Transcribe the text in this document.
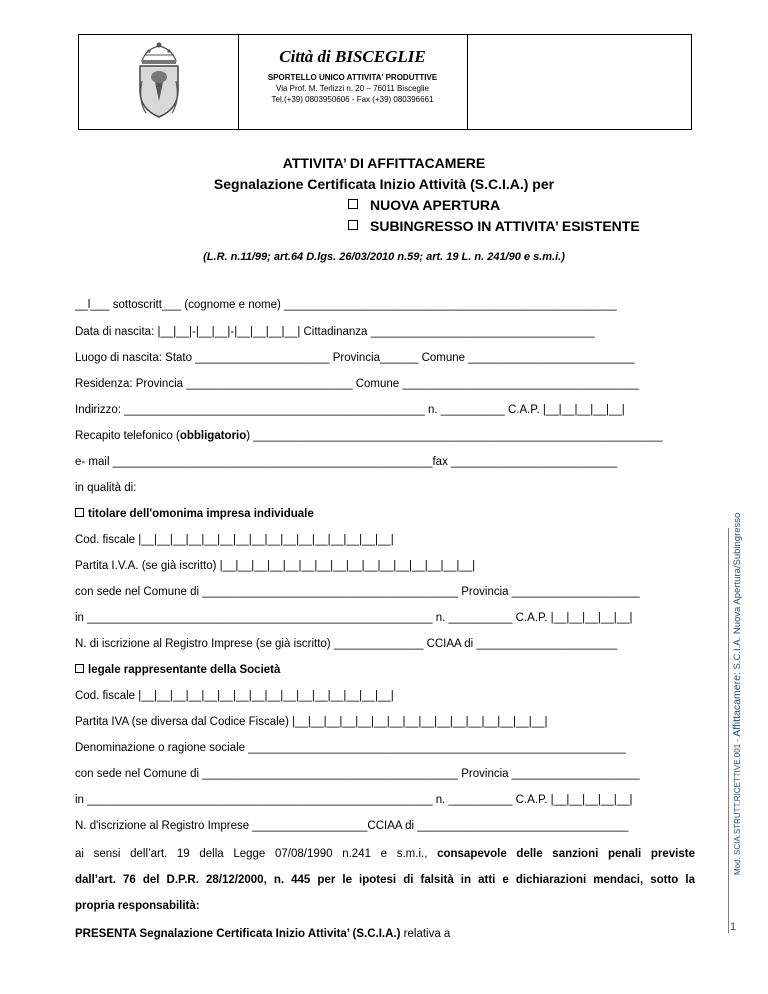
Città di BISCEGLIE
SPORTELLO UNICO ATTIVITA' PRODUTTIVE
Via Prof. M. Terlizzi n. 20 – 76011 Bisceglie
Tel.(+39) 0803950606 - Fax (+39) 080396661
ATTIVITA’ DI AFFITTACAMERE
Segnalazione Certificata Inizio Attività (S.C.I.A.) per
NUOVA APERTURA
SUBINGRESSO IN ATTIVITA’ ESISTENTE
(L.R. n.11/99; art.64 D.lgs. 26/03/2010 n.59; art. 19 L. n. 241/90 e s.m.i.)
__l___ sottoscritt___ (cognome e nome) ____________________________________________________
Data di nascita: |__|__|-|__|__|-|__|__|__|__| Cittadinanza ___________________________________
Luogo di nascita: Stato _____________________ Provincia______ Comune __________________________
Residenza: Provincia __________________________ Comune _____________________________________
Indirizzo: _______________________________________________ n. __________ C.A.P. |__|__|__|__|__|
Recapito telefonico (obbligatorio) ________________________________________________________________
e- mail __________________________________________________fax __________________________
in qualità di:
titolare dell'omonima impresa individuale
Cod. fiscale |__|__|__|__|__|__|__|__|__|__|__|__|__|__|__|__|
Partita I.V.A. (se già iscritto) |__|__|__|__|__|__|__|__|__|__|__|__|__|__|__|__|
con sede nel Comune di ________________________________________ Provincia ____________________
in ______________________________________________________ n. __________ C.A.P. |__|__|__|__|__|
N. di iscrizione al Registro Imprese (se già iscritto) ______________ CCIAA di ______________________
legale rappresentante della Società
Cod. fiscale |__|__|__|__|__|__|__|__|__|__|__|__|__|__|__|__|
Partita IVA (se diversa dal Codice Fiscale) |__|__|__|__|__|__|__|__|__|__|__|__|__|__|__|__|
Denominazione o ragione sociale ___________________________________________________________
con sede nel Comune di ________________________________________ Provincia ____________________
in ______________________________________________________ n. __________ C.A.P. |__|__|__|__|__|
N. d'iscrizione al Registro Imprese __________________CCIAA di _________________________________
ai sensi dell’art. 19 della Legge 07/08/1990 n.241 e s.m.i., consapevole delle sanzioni penali previste
dall’art. 76 del D.P.R. 28/12/2000, n. 445 per le ipotesi di falsità in atti e dichiarazioni mendaci, sotto la
propria responsabilità:
PRESENTA Segnalazione Certificata Inizio Attivita’ (S.C.I.A.) relativa a
Mod. SCIA.STRUTT.RICETTIVE.001 - Affittacamere: S.C.I.A. Nuova Apertura/Subingresso
1
